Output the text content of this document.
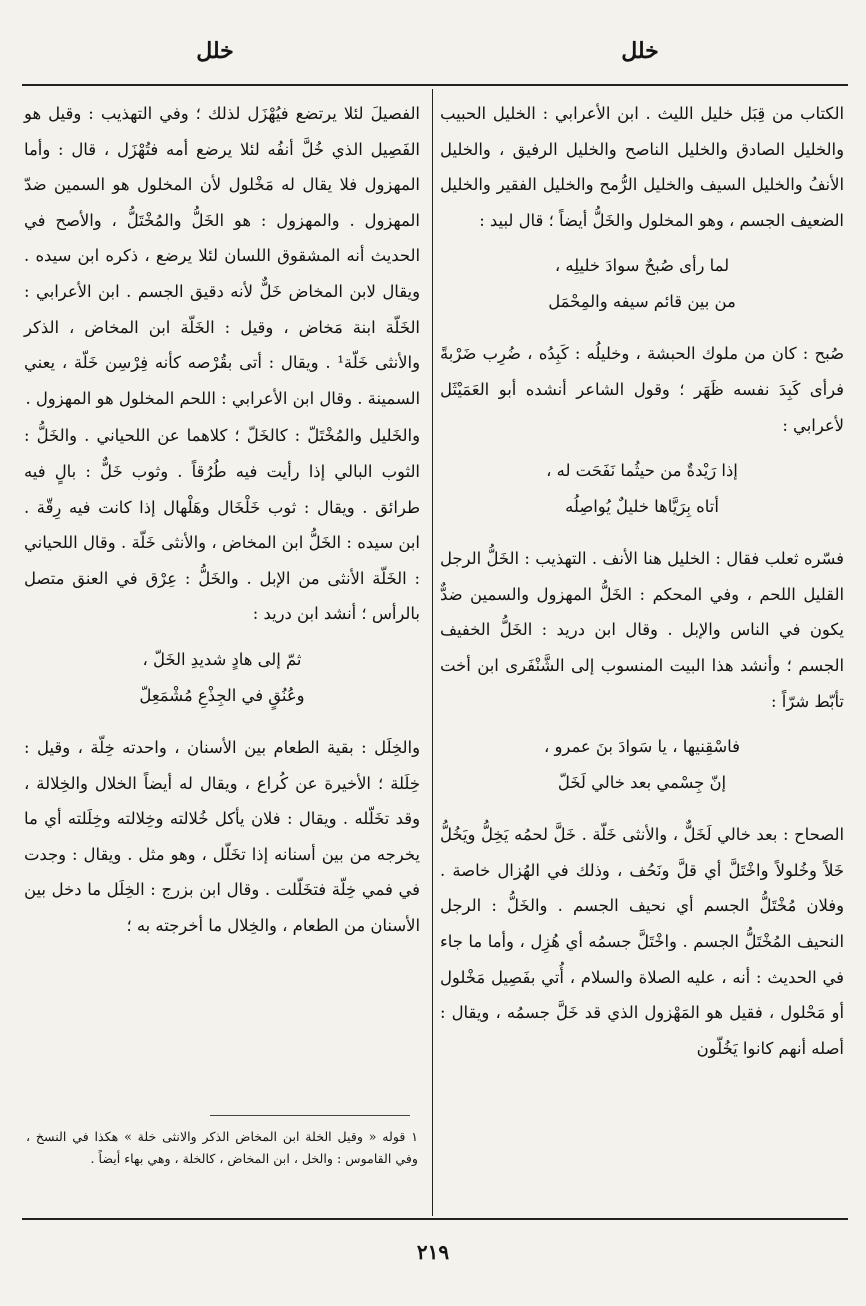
خلل
خلل

الكتاب من قِبَل خليل الليث . ابن الأعرابي : الخليل الحبيب والخليل الصادق والخليل الناصح والخليل الرفيق ، والخليل الأنفُ والخليل السيف والخليل الرُّمح والخليل الفقير والخليل الضعيف الجسم ، وهو المخلول والخَلُّ أيضاً ؛ قال لبيد :

لما رأى صُبحٌ سوادَ خليلِه ،
من بين قائم سيفه والمِحْمَل

صُبح : كان من ملوك الحبشة ، وخليلُه : كَبِدُه ، ضُرِب ضَرْبةً فرأى كَبِدَ نفسه ظَهَر ؛ وقول الشاعر أنشده أبو العَمَيْثَل لأعرابي :

إذا رَيْدةٌ من حيثُما نَفَحَت له ،
أتاه بِرَيَّاها خليلٌ يُواصِلُه

فسّره ثعلب فقال : الخليل هنا الأنف . التهذيب : الخَلُّ الرجل القليل اللحم ، وفي المحكم : الخَلُّ المهزول والسمين ضدٌّ يكون في الناس والإبل . وقال ابن دريد : الخَلُّ الخفيف الجسم ؛ وأنشد هذا البيت المنسوب إلى الشَّنْفَرى ابن أخت تأبّط شرّاً :

فاسْقِنيها ، يا سَوادَ بنَ عمرو ،
إنّ جِسْمي بعد خالي لَخَلّ

الصحاح : بعد خالي لَخَلٌّ ، والأنثى خَلّة . خَلَّ لحمُه يَخِلُّ ويَخُلُّ خَلاً وخُلولاً واخْتَلَّ أي قلَّ ونَحُف ، وذلك في الهُزال خاصة . وفلان مُخْتَلُّ الجسم أي نحيف الجسم . والخَلُّ : الرجل النحيف المُخْتَلُّ الجسم . واخْتَلَّ جسمُه أي هُزِل ، وأما ما جاء في الحديث : أنه ، عليه الصلاة والسلام ، أُتي بفَصِيل مَخْلول أو مَحْلول ، فقيل هو المَهْزول الذي قد خَلَّ جسمُه ، ويقال : أصله أنهم كانوا يَخُلّون

الفصيلَ لئلا يرتضع فيُهْزَل لذلك ؛ وفي التهذيب : وقيل هو الفَصِيل الذي خُلَّ أنفُه لئلا يرضع أمه فتُهْزَل ، قال : وأما المهزول فلا يقال له مَخْلول لأن المخلول هو السمين ضدّ المهزول . والمهزول : هو الخَلُّ والمُخْتَلُّ ، والأصح في الحديث أنه المشقوق اللسان لئلا يرضع ، ذكره ابن سيده . ويقال لابن المخاض خَلٌّ لأنه دقيق الجسم . ابن الأعرابي : الخَلّة ابنة مَخاض ، وقيل : الخَلّة ابن المخاض ، الذكر والأنثى خَلّة¹ . ويقال : أتى بقُرْصه كأنه فِرْسِن خَلّة ، يعني السمينة . وقال ابن الأعرابي : اللحم المخلول هو المهزول .

والخَليل والمُخْتَلّ : كالخَلّ ؛ كلاهما عن اللحياني . والخَلُّ : الثوب البالي إذا رأيت فيه طُرُقاً . وثوب خَلٌّ : بالٍ فيه طرائق . ويقال : ثوب خَلْخَال وهَلْهال إذا كانت فيه رِقّة . ابن سيده : الخَلُّ ابن المخاض ، والأنثى خَلّة . وقال اللحياني : الخَلّة الأنثى من الإبل . والخَلُّ : عِرْق في العنق متصل بالرأس ؛ أنشد ابن دريد :

ثمّ إلى هادٍ شديدِ الخَلّ ،
وعُنُقٍ في الجِذْعِ مُشْمَعِلّ

والخِلَل : بقية الطعام بين الأسنان ، واحدته خِلّة ، وقيل : خِلَلة ؛ الأخيرة عن كُراع ، ويقال له أيضاً الخلال والخِلالة ، وقد تخَلّله . ويقال : فلان يأكل خُلالته وخِلالته وخِلَلته أي ما يخرجه من بين أسنانه إذا تخَلّل ، وهو مثل . ويقال : وجدت في فمي خِلّة فتخَلّلت . وقال ابن بزرج : الخِلَل ما دخل بين الأسنان من الطعام ، والخِلال ما أخرجته به ؛

١ قوله « وقيل الخلة ابن المخاض الذكر والانثى خلة » هكذا في النسخ ، وفي القاموس : والخل ، ابن المخاض ، كالخلة ، وهي بهاء أيضاً .
٢١٩
